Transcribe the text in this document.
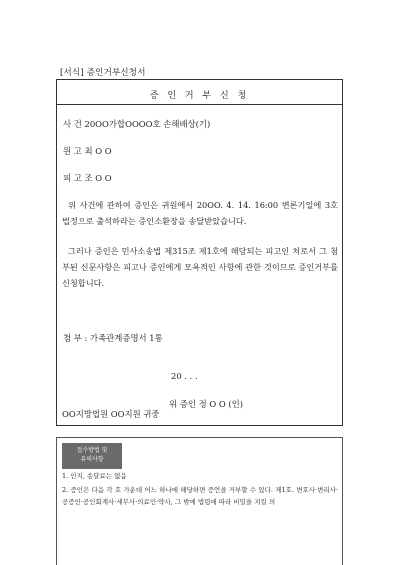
[서식] 증인거부신청서
증 인 거 부 신 청
사 건 20OO가합OOOO호 손해배상(기)
원 고 최 O O
피 고 조 O O
위 사건에 관하여 증인은 귀원에서 20OO. 4. 14. 16:00 변론기일에 3호 법정으로 출석하라는 증인소환장을 송달받았습니다.
그러나 증인은 민사소송법 제315조 제1호에 해당되는 피고인 처로서 그 첨부된 신문사항은 피고나 증인에게 모욕적인 사항에 관한 것이므로 증인거부를 신청합니다.
첨 부 : 가족관계증명서 1통
20 . . .
위 증인 정 O O (인)
OO지방법원 OO지원 귀중
접수방법 및
유의사항
1. 인지, 송달료는 없음
2. 증인은 다음 각 호 가운데 어느 하나에 해당하면 증언을 거부할 수 있다. 제1호. 변호사·변리사·공증인·공인회계사·세무사·의료인·약사, 그 밖에 법령에 따라 비밀을 지킬 의
